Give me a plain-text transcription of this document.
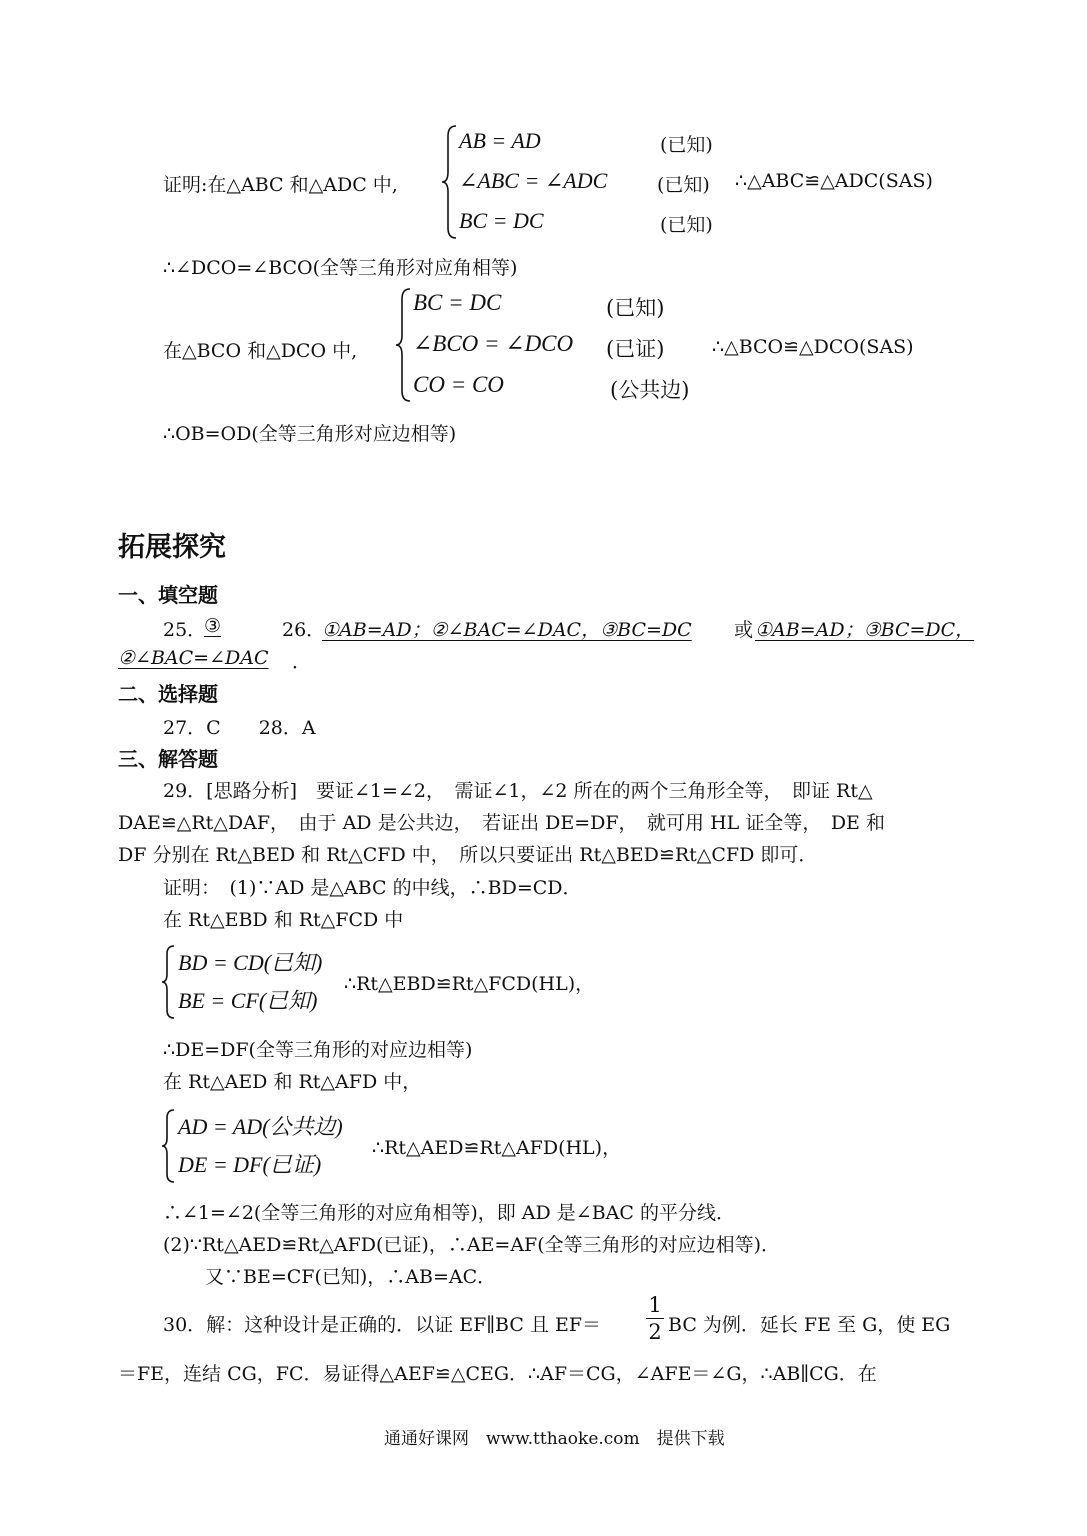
证明:在△ABC 和△ADC 中,
AB = AD	(已知)
∠ABC = ∠ADC	(已知) ∴△ABC≌△ADC(SAS)
BC = DC	(已知)
∴∠DCO=∠BCO(全等三角形对应角相等)
在△BCO 和△DCO 中,
BC = DC	(已知)
∠BCO = ∠DCO (已证)	∴△BCO≌△DCO(SAS)
CO = CO	(公共边)
∴OB=OD(全等三角形对应边相等)
拓展探究
一、填空题
25．
③	26．
①AB=AD；②∠BAC=∠DAC，③BC=DC 或 ①AB=AD；③BC=DC，
②∠BAC=∠DAC ．
二、选择题
27．C　　28．A
三、解答题
29．[思路分析]　要证∠1=∠2，　需证∠1，∠2 所在的两个三角形全等，　即证 Rt△
DAE≌△Rt△DAF，　由于 AD 是公共边，　若证出 DE=DF，　就可用 HL 证全等，　DE 和
DF 分别在 Rt△BED 和 Rt△CFD 中，　所以只要证出 Rt△BED≌Rt△CFD 即可．
证明：　(1)∵AD 是△ABC 的中线，∴BD=CD．
在 Rt△EBD 和 Rt△FCD 中
BD = CD(已知)
BE = CF(已知)
∴Rt△EBD≌Rt△FCD(HL)，
∴DE=DF(全等三角形的对应边相等)
在 Rt△AED 和 Rt△AFD 中，
AD = AD(公共边)
DE = DF(已证)
∴Rt△AED≌Rt△AFD(HL)，
∴∠1=∠2(全等三角形的对应角相等)，即 AD 是∠BAC 的平分线．
(2)∵Rt△AED≌Rt△AFD(已证)，∴AE=AF(全等三角形的对应边相等)．
又∵BE=CF(已知)，∴AB=AC．
30．解：这种设计是正确的．以证 EF∥BC 且 EF＝
1
2 BC 为例．延长 FE 至 G，使 EG
＝FE，连结 CG，FC．易证得△AEF≌△CEG．∴AF＝CG，∠AFE＝∠G，∴AB∥CG．在
通通好课网　www.tthaoke.com　提供下载
